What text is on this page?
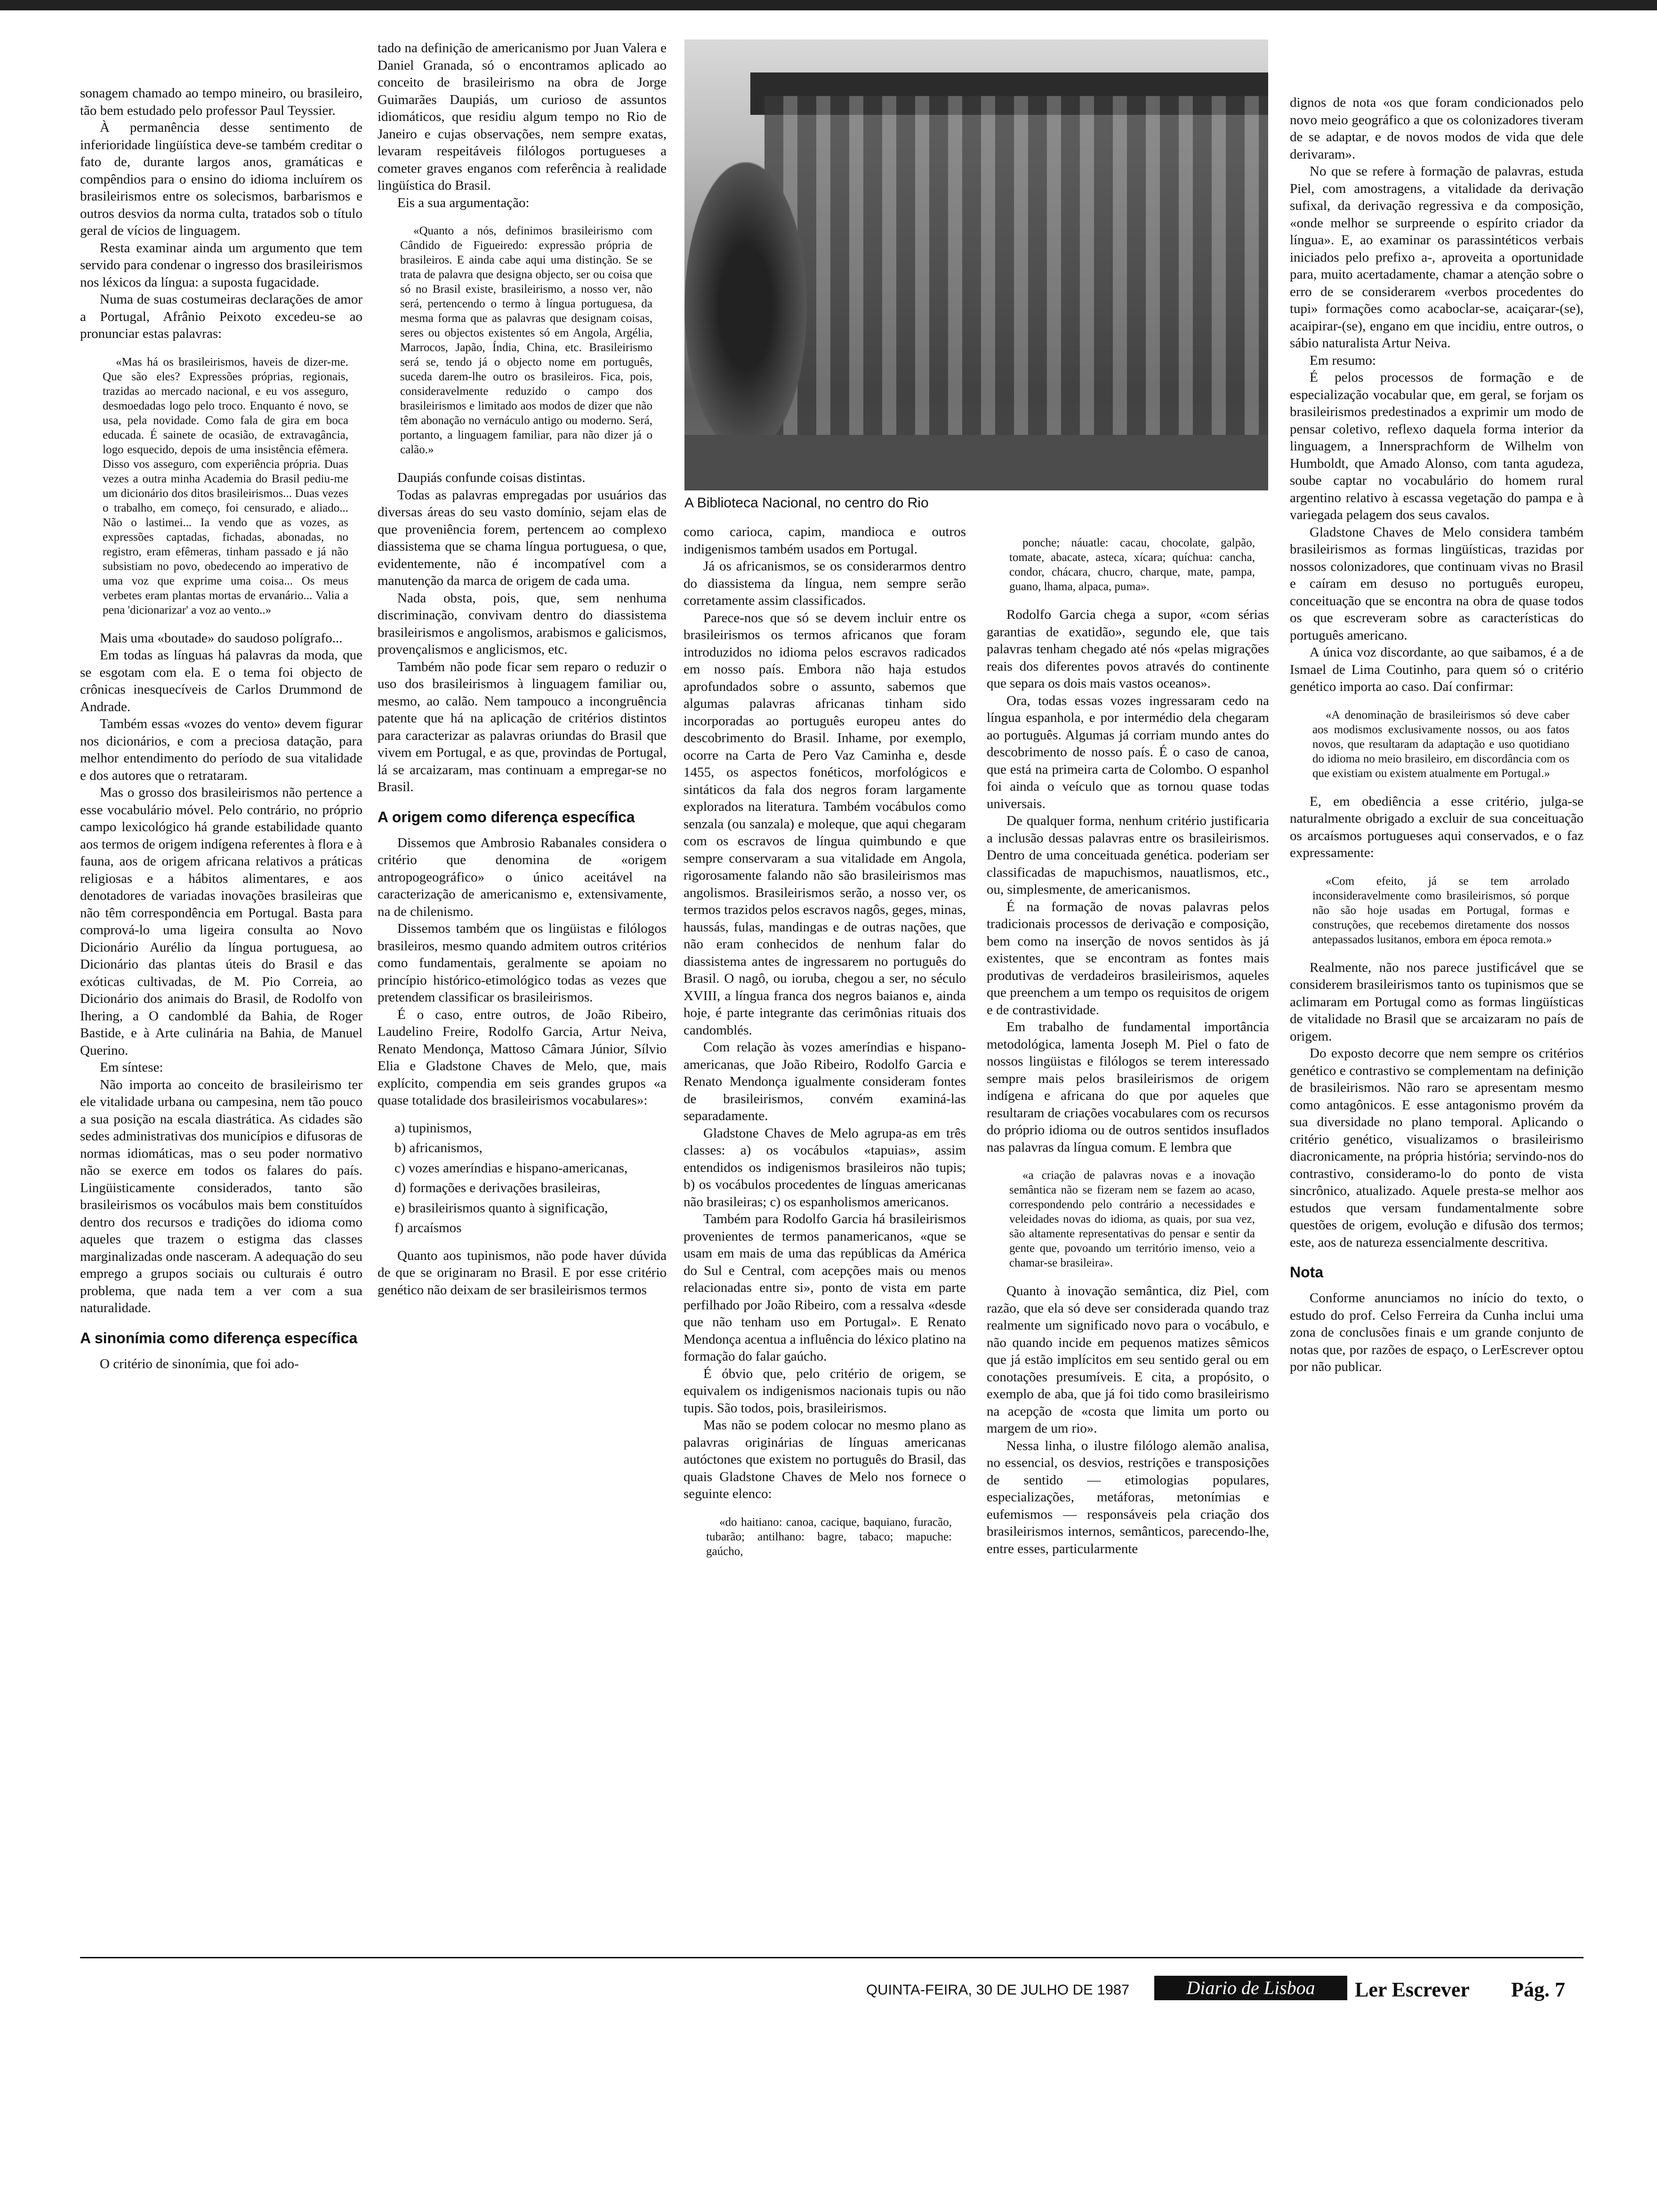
sonagem chamado ao tempo mineiro, ou brasileiro, tão bem estudado pelo professor Paul Teyssier.

À permanência desse sentimento de inferioridade lingüística deve-se também creditar o fato de, durante largos anos, gramáticas e compêndios para o ensino do idioma incluírem os brasileirismos entre os solecismos, barbarismos e outros desvios da norma culta, tratados sob o título geral de vícios de linguagem.

Resta examinar ainda um argumento que tem servido para condenar o ingresso dos brasileirismos nos léxicos da língua: a suposta fugacidade.

Numa de suas costumeiras declarações de amor a Portugal, Afrânio Peixoto excedeu-se ao pronunciar estas palavras:

«Mas há os brasileirismos, haveis de dizer-me. Que são eles? Expressões próprias, regionais, trazidas ao mercado nacional, e eu vos asseguro, desmoedadas logo pelo troco. Enquanto é novo, se usa, pela novidade. Como fala de gira em boca educada. É sainete de ocasião, de extravagância, logo esquecido, depois de uma insistência efêmera. Disso vos asseguro, com experiência própria. Duas vezes a outra minha Academia do Brasil pediu-me um dicionário dos ditos brasileirismos... Duas vezes o trabalho, em começo, foi censurado, e aliado... Não o lastimei... Ia vendo que as vozes, as expressões captadas, fichadas, abonadas, no registro, eram efêmeras, tinham passado e já não subsistiam no povo, obedecendo ao imperativo de uma voz que exprime uma coisa... Os meus verbetes eram plantas mortas de ervanário... Valia a pena 'dicionarizar' a voz ao vento..»

Mais uma «boutade» do saudoso polígrafo...

Em todas as línguas há palavras da moda, que se esgotam com ela. E o tema foi objecto de crônicas inesquecíveis de Carlos Drummond de Andrade.

Também essas «vozes do vento» devem figurar nos dicionários, e com a preciosa datação, para melhor entendimento do período de sua vitalidade e dos autores que o retrataram.

Mas o grosso dos brasileirismos não pertence a esse vocabulário móvel. Pelo contrário, no próprio campo lexicológico há grande estabilidade quanto aos termos de origem indígena referentes à flora e à fauna, aos de origem africana relativos a práticas religiosas e a hábitos alimentares, e aos denotadores de variadas inovações brasileiras que não têm correspondência em Portugal. Basta para comprová-lo uma ligeira consulta ao Novo Dicionário Aurélio da língua portuguesa, ao Dicionário das plantas úteis do Brasil e das exóticas cultivadas, de M. Pio Correia, ao Dicionário dos animais do Brasil, de Rodolfo von Ihering, a O candomblé da Bahia, de Roger Bastide, e à Arte culinária na Bahia, de Manuel Querino.

Em síntese:

Não importa ao conceito de brasileirismo ter ele vitalidade urbana ou campesina, nem tão pouco a sua posição na escala diastrática. As cidades são sedes administrativas dos municípios e difusoras de normas idiomáticas, mas o seu poder normativo não se exerce em todos os falares do país. Lingüisticamente considerados, tanto são brasileirismos os vocábulos mais bem constituídos dentro dos recursos e tradições do idioma como aqueles que trazem o estigma das classes marginalizadas onde nasceram. A adequação do seu emprego a grupos sociais ou culturais é outro problema, que nada tem a ver com a sua naturalidade.

A sinonímia como diferença específica

O critério de sinonímia, que foi ado-

tado na definição de americanismo por Juan Valera e Daniel Granada, só o encontramos aplicado ao conceito de brasileirismo na obra de Jorge Guimarães Daupiás, um curioso de assuntos idiomáticos, que residiu algum tempo no Rio de Janeiro e cujas observações, nem sempre exatas, levaram respeitáveis filólogos portugueses a cometer graves enganos com referência à realidade lingüística do Brasil.

Eis a sua argumentação:

«Quanto a nós, definimos brasileirismo com Cândido de Figueiredo: expressão própria de brasileiros. E ainda cabe aqui uma distinção. Se se trata de palavra que designa objecto, ser ou coisa que só no Brasil existe, brasileirismo, a nosso ver, não será, pertencendo o termo à língua portuguesa, da mesma forma que as palavras que designam coisas, seres ou objectos existentes só em Angola, Argélia, Marrocos, Japão, Índia, China, etc. Brasileirismo será se, tendo já o objecto nome em português, suceda darem-lhe outro os brasileiros. Fica, pois, consideravelmente reduzido o campo dos brasileirismos e limitado aos modos de dizer que não têm abonação no vernáculo antigo ou moderno. Será, portanto, a linguagem familiar, para não dizer já o calão.»

Daupiás confunde coisas distintas.

Todas as palavras empregadas por usuários das diversas áreas do seu vasto domínio, sejam elas de que proveniência forem, pertencem ao complexo diassistema que se chama língua portuguesa, o que, evidentemente, não é incompatível com a manutenção da marca de origem de cada uma.

Nada obsta, pois, que, sem nenhuma discriminação, convivam dentro do diassistema brasileirismos e angolismos, arabismos e galicismos, provençalismos e anglicismos, etc.

Também não pode ficar sem reparo o reduzir o uso dos brasileirismos à linguagem familiar ou, mesmo, ao calão. Nem tampouco a incongruência patente que há na aplicação de critérios distintos para caracterizar as palavras oriundas do Brasil que vivem em Portugal, e as que, provindas de Portugal, lá se arcaizaram, mas continuam a empregar-se no Brasil.

A origem como diferença específica

Dissemos que Ambrosio Rabanales considera o critério que denomina de «origem antropogeográfico» o único aceitável na caracterização de americanismo e, extensivamente, na de chilenismo.

Dissemos também que os lingüistas e filólogos brasileiros, mesmo quando admitem outros critérios como fundamentais, geralmente se apoiam no princípio histórico-etimológico todas as vezes que pretendem classificar os brasileirismos.

É o caso, entre outros, de João Ribeiro, Laudelino Freire, Rodolfo Garcia, Artur Neiva, Renato Mendonça, Mattoso Câmara Júnior, Sílvio Elia e Gladstone Chaves de Melo, que, mais explícito, compendia em seis grandes grupos «a quase totalidade dos brasileirismos vocabulares»:

a) tupinismos,
b) africanismos,
c) vozes ameríndias e hispano-americanas,
d) formações e derivações brasileiras,
e) brasileirismos quanto à significação,
f) arcaísmos

Quanto aos tupinismos, não pode haver dúvida de que se originaram no Brasil. E por esse critério genético não deixam de ser brasileirismos termos

como carioca, capim, mandioca e outros indigenismos também usados em Portugal.

Já os africanismos, se os considerarmos dentro do diassistema da língua, nem sempre serão corretamente assim classificados.

Parece-nos que só se devem incluir entre os brasileirismos os termos africanos que foram introduzidos no idioma pelos escravos radicados em nosso país. Embora não haja estudos aprofundados sobre o assunto, sabemos que algumas palavras africanas tinham sido incorporadas ao português europeu antes do descobrimento do Brasil. Inhame, por exemplo, ocorre na Carta de Pero Vaz Caminha e, desde 1455, os aspectos fonéticos, morfológicos e sintáticos da fala dos negros foram largamente explorados na literatura. Também vocábulos como senzala (ou sanzala) e moleque, que aqui chegaram com os escravos de língua quimbundo e que sempre conservaram a sua vitalidade em Angola, rigorosamente falando não são brasileirismos mas angolismos. Brasileirismos serão, a nosso ver, os termos trazidos pelos escravos nagôs, geges, minas, haussás, fulas, mandingas e de outras nações, que não eram conhecidos de nenhum falar do diassistema antes de ingressarem no português do Brasil. O nagô, ou ioruba, chegou a ser, no século XVIII, a língua franca dos negros baianos e, ainda hoje, é parte integrante das cerimônias rituais dos candomblés.

Com relação às vozes ameríndias e hispano-americanas, que João Ribeiro, Rodolfo Garcia e Renato Mendonça igualmente consideram fontes de brasileirismos, convém examiná-las separadamente.

Gladstone Chaves de Melo agrupa-as em três classes: a) os vocábulos «tapuias», assim entendidos os indigenismos brasileiros não tupis; b) os vocábulos procedentes de línguas americanas não brasileiras; c) os espanholismos americanos.

Também para Rodolfo Garcia há brasileirismos provenientes de termos panamericanos, «que se usam em mais de uma das repúblicas da América do Sul e Central, com acepções mais ou menos relacionadas entre si», ponto de vista em parte perfilhado por João Ribeiro, com a ressalva «desde que não tenham uso em Portugal». E Renato Mendonça acentua a influência do léxico platino na formação do falar gaúcho.

É óbvio que, pelo critério de origem, se equivalem os indigenismos nacionais tupis ou não tupis. São todos, pois, brasileirismos.

Mas não se podem colocar no mesmo plano as palavras originárias de línguas americanas autóctones que existem no português do Brasil, das quais Gladstone Chaves de Melo nos fornece o seguinte elenco:

«do haitiano: canoa, cacique, baquiano, furacão, tubarão; antilhano: bagre, tabaco; mapuche: gaúcho,

ponche; náuatle: cacau, chocolate, galpão, tomate, abacate, asteca, xícara; quíchua: cancha, condor, chácara, chucro, charque, mate, pampa, guano, lhama, alpaca, puma».

Rodolfo Garcia chega a supor, «com sérias garantias de exatidão», segundo ele, que tais palavras tenham chegado até nós «pelas migrações reais dos diferentes povos através do continente que separa os dois mais vastos oceanos».

Ora, todas essas vozes ingressaram cedo na língua espanhola, e por intermédio dela chegaram ao português. Algumas já corriam mundo antes do descobrimento de nosso país. É o caso de canoa, que está na primeira carta de Colombo. O espanhol foi ainda o veículo que as tornou quase todas universais.

De qualquer forma, nenhum critério justificaria a inclusão dessas palavras entre os brasileirismos. Dentro de uma conceituada genética. poderiam ser classificadas de mapuchismos, nauatlismos, etc., ou, simplesmente, de americanismos.

É na formação de novas palavras pelos tradicionais processos de derivação e composição, bem como na inserção de novos sentidos às já existentes, que se encontram as fontes mais produtivas de verdadeiros brasileirismos, aqueles que preenchem a um tempo os requisitos de origem e de contrastividade.

Em trabalho de fundamental importância metodológica, lamenta Joseph M. Piel o fato de nossos lingüistas e filólogos se terem interessado sempre mais pelos brasileirismos de origem indígena e africana do que por aqueles que resultaram de criações vocabulares com os recursos do próprio idioma ou de outros sentidos insuflados nas palavras da língua comum. E lembra que

«a criação de palavras novas e a inovação semântica não se fizeram nem se fazem ao acaso, correspondendo pelo contrário a necessidades e veleidades novas do idioma, as quais, por sua vez, são altamente representativas do pensar e sentir da gente que, povoando um território imenso, veio a chamar-se brasileira».

Quanto à inovação semântica, diz Piel, com razão, que ela só deve ser considerada quando traz realmente um significado novo para o vocábulo, e não quando incide em pequenos matizes sêmicos que já estão implícitos em seu sentido geral ou em conotações presumíveis. E cita, a propósito, o exemplo de aba, que já foi tido como brasileirismo na acepção de «costa que limita um porto ou margem de um rio».

Nessa linha, o ilustre filólogo alemão analisa, no essencial, os desvios, restrições e transposições de sentido — etimologias populares, especializações, metáforas, metonímias e eufemismos — responsáveis pela criação dos brasileirismos internos, semânticos, parecendo-lhe, entre esses, particularmente

dignos de nota «os que foram condicionados pelo novo meio geográfico a que os colonizadores tiveram de se adaptar, e de novos modos de vida que dele derivaram».

No que se refere à formação de palavras, estuda Piel, com amostragens, a vitalidade da derivação sufixal, da derivação regressiva e da composição, «onde melhor se surpreende o espírito criador da língua». E, ao examinar os parassintéticos verbais iniciados pelo prefixo a-, aproveita a oportunidade para, muito acertadamente, chamar a atenção sobre o erro de se considerarem «verbos procedentes do tupi» formações como acaboclar-se, acaiçarar-(se), acaipirar-(se), engano em que incidiu, entre outros, o sábio naturalista Artur Neiva.

Em resumo:

É pelos processos de formação e de especialização vocabular que, em geral, se forjam os brasileirismos predestinados a exprimir um modo de pensar coletivo, reflexo daquela forma interior da linguagem, a Innersprachform de Wilhelm von Humboldt, que Amado Alonso, com tanta agudeza, soube captar no vocabulário do homem rural argentino relativo à escassa vegetação do pampa e à variegada pelagem dos seus cavalos.

Gladstone Chaves de Melo considera também brasileirismos as formas lingüísticas, trazidas por nossos colonizadores, que continuam vivas no Brasil e caíram em desuso no português europeu, conceituação que se encontra na obra de quase todos os que escreveram sobre as características do português americano.

A única voz discordante, ao que saibamos, é a de Ismael de Lima Coutinho, para quem só o critério genético importa ao caso. Daí confirmar:

«A denominação de brasileirismos só deve caber aos modismos exclusivamente nossos, ou aos fatos novos, que resultaram da adaptação e uso quotidiano do idioma no meio brasileiro, em discordância com os que existiam ou existem atualmente em Portugal.»

E, em obediência a esse critério, julga-se naturalmente obrigado a excluir de sua conceituação os arcaísmos portugueses aqui conservados, e o faz expressamente:

«Com efeito, já se tem arrolado inconsideravelmente como brasileirismos, só porque não são hoje usadas em Portugal, formas e construções, que recebemos diretamente dos nossos antepassados lusitanos, embora em época remota.»

Realmente, não nos parece justificável que se considerem brasileirismos tanto os tupinismos que se aclimaram em Portugal como as formas lingüísticas de vitalidade no Brasil que se arcaizaram no país de origem.

Do exposto decorre que nem sempre os critérios genético e contrastivo se complementam na definição de brasileirismos. Não raro se apresentam mesmo como antagônicos. E esse antagonismo provém da sua diversidade no plano temporal. Aplicando o critério genético, visualizamos o brasileirismo diacronicamente, na própria história; servindo-nos do contrastivo, consideramo-lo do ponto de vista sincrônico, atualizado. Aquele presta-se melhor aos estudos que versam fundamentalmente sobre questões de origem, evolução e difusão dos termos; este, aos de natureza essencialmente descritiva.

Nota

Conforme anunciamos no início do texto, o estudo do prof. Celso Ferreira da Cunha inclui uma zona de conclusões finais e um grande conjunto de notas que, por razões de espaço, o LerEscrever optou por não publicar.

A Biblioteca Nacional, no centro do Rio
QUINTA-FEIRA, 30 DE JULHO DE 1987	Diario de Lisboa	Ler Escrever Pág. 7
